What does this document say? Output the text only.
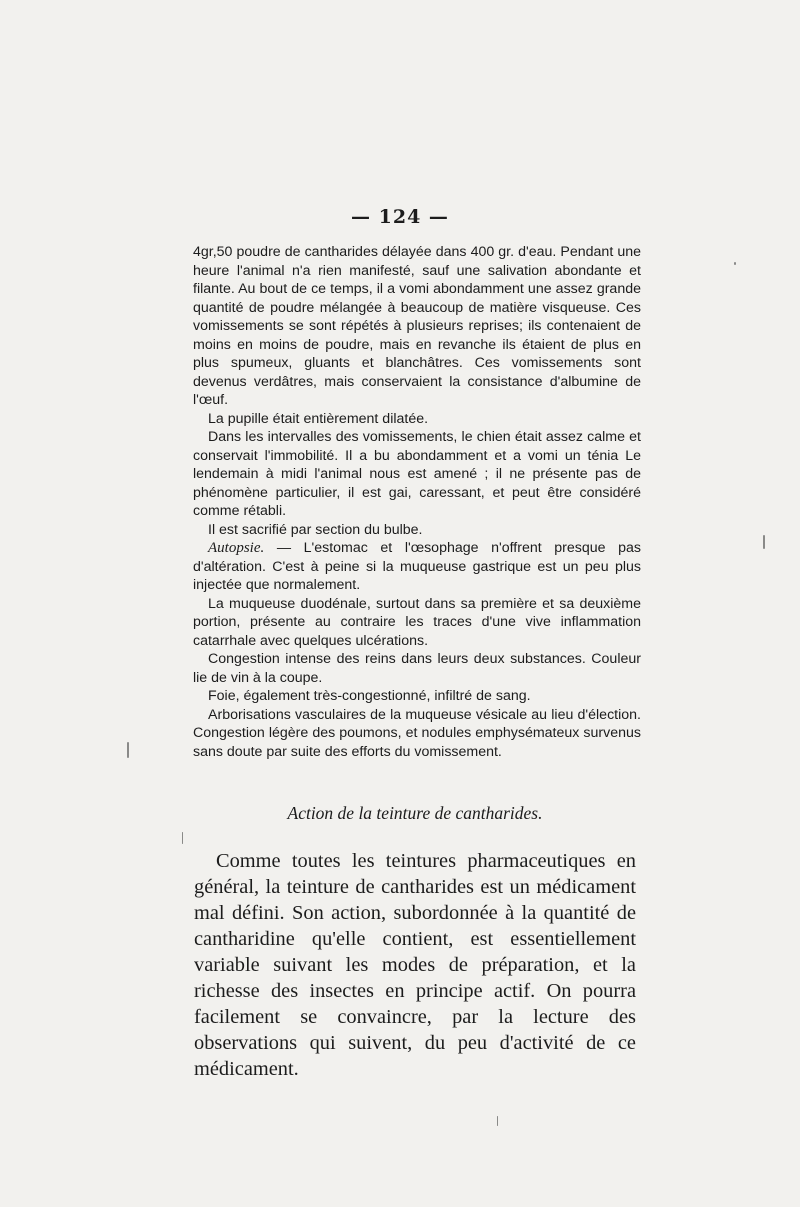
— 124 —

4gr,50 poudre de cantharides délayée dans 400 gr. d'eau. Pendant une heure l'animal n'a rien manifesté, sauf une salivation abondante et filante. Au bout de ce temps, il a vomi abondamment une assez grande quantité de poudre mélangée à beaucoup de matière visqueuse. Ces vomissements se sont répétés à plusieurs reprises; ils contenaient de moins en moins de poudre, mais en revanche ils étaient de plus en plus spumeux, gluants et blanchâtres. Ces vomissements sont devenus verdâtres, mais conservaient la consistance d'albumine de l'œuf.

La pupille était entièrement dilatée.

Dans les intervalles des vomissements, le chien était assez calme et conservait l'immobilité. Il a bu abondamment et a vomi un ténia Le lendemain à midi l'animal nous est amené ; il ne présente pas de phénomène particulier, il est gai, caressant, et peut être considéré comme rétabli.

Il est sacrifié par section du bulbe.

Autopsie. — L'estomac et l'œsophage n'offrent presque pas d'altération. C'est à peine si la muqueuse gastrique est un peu plus injectée que normalement.

La muqueuse duodénale, surtout dans sa première et sa deuxième portion, présente au contraire les traces d'une vive inflammation catarrhale avec quelques ulcérations.

Congestion intense des reins dans leurs deux substances. Couleur lie de vin à la coupe.

Foie, également très-congestionné, infiltré de sang.

Arborisations vasculaires de la muqueuse vésicale au lieu d'élection. Congestion légère des poumons, et nodules emphysémateux survenus sans doute par suite des efforts du vomissement.

Action de la teinture de cantharides.

Comme toutes les teintures pharmaceutiques en général, la teinture de cantharides est un médicament mal défini. Son action, subordonnée à la quantité de cantharidine qu'elle contient, est essentiellement variable suivant les modes de préparation, et la richesse des insectes en principe actif. On pourra facilement se convaincre, par la lecture des observations qui suivent, du peu d'activité de ce médicament.
